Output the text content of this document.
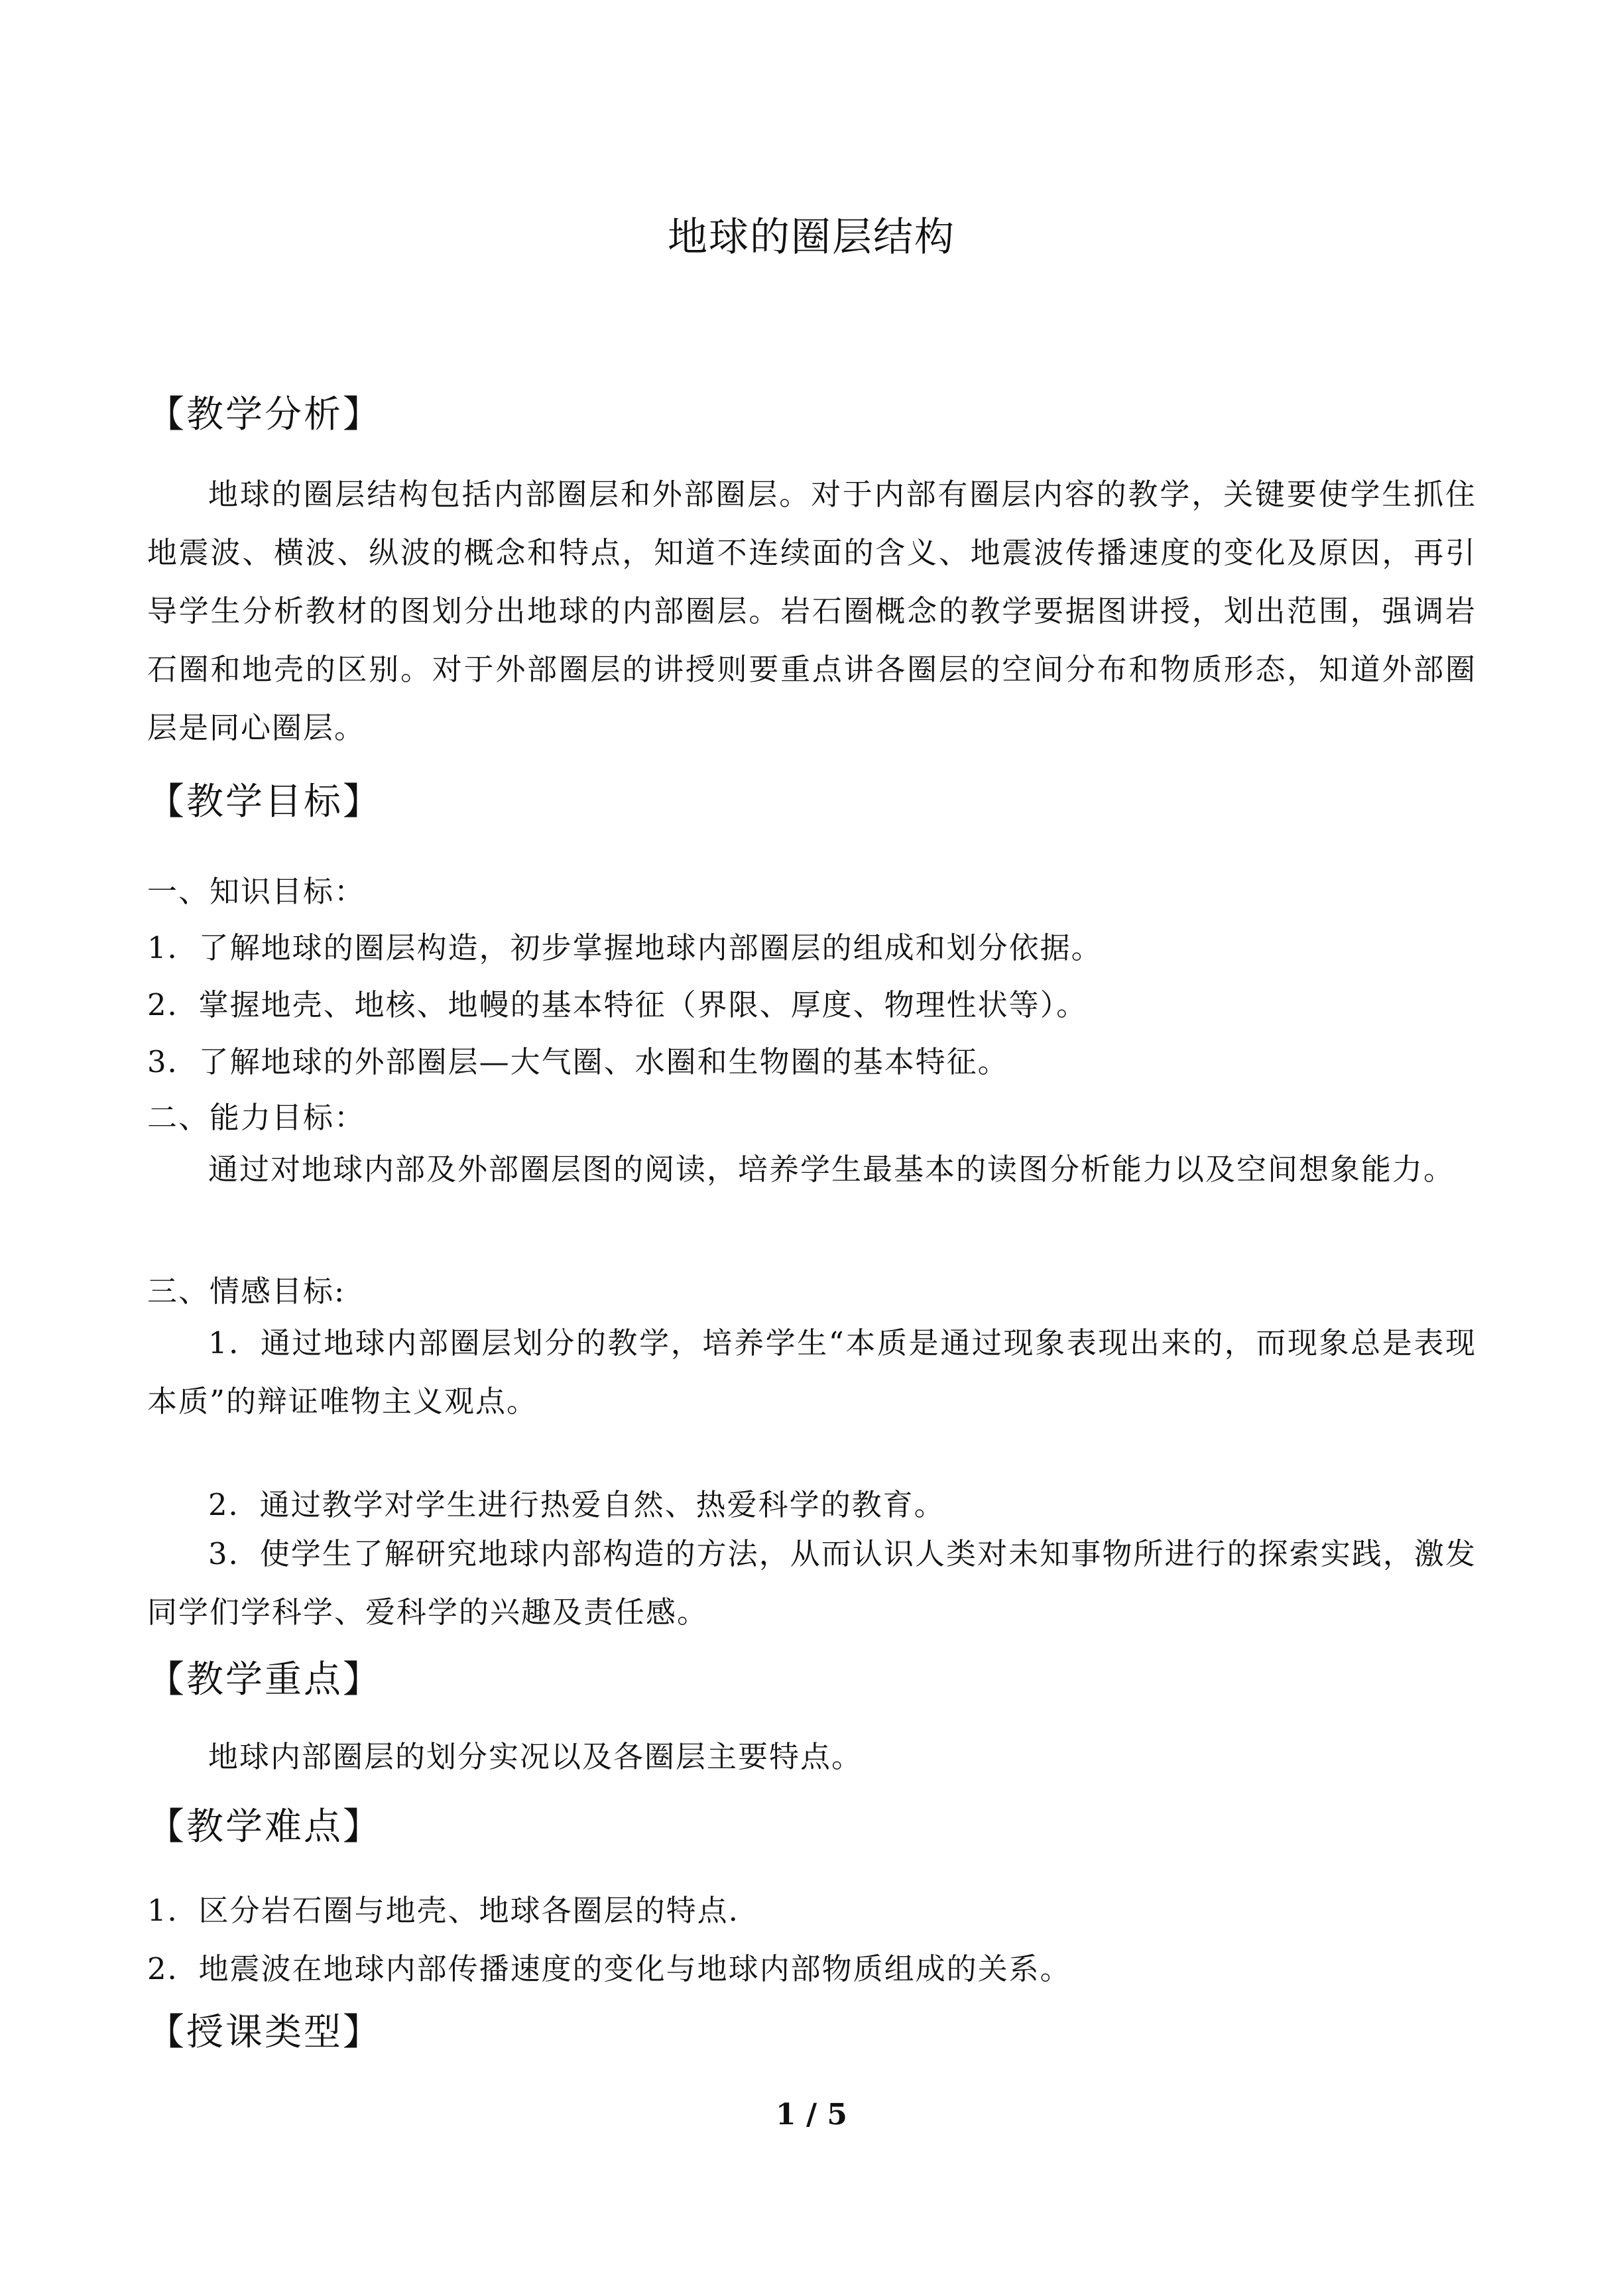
地球的圈层结构
【教学分析】
地球的圈层结构包括内部圈层和外部圈层。对于内部有圈层内容的教学，关键要使学生抓住地震波、横波、纵波的概念和特点，知道不连续面的含义、地震波传播速度的变化及原因，再引导学生分析教材的图划分出地球的内部圈层。岩石圈概念的教学要据图讲授，划出范围，强调岩石圈和地壳的区别。对于外部圈层的讲授则要重点讲各圈层的空间分布和物质形态，知道外部圈层是同心圈层。
【教学目标】
一、知识目标：
1．了解地球的圈层构造，初步掌握地球内部圈层的组成和划分依据。
2．掌握地壳、地核、地幔的基本特征（界限、厚度、物理性状等）。
3．了解地球的外部圈层—大气圈、水圈和生物圈的基本特征。
二、能力目标：
通过对地球内部及外部圈层图的阅读，培养学生最基本的读图分析能力以及空间想象能力。
三、情感目标:
1．通过地球内部圈层划分的教学，培养学生“本质是通过现象表现出来的，而现象总是表现本质”的辩证唯物主义观点。
2．通过教学对学生进行热爱自然、热爱科学的教育。
3．使学生了解研究地球内部构造的方法，从而认识人类对未知事物所进行的探索实践，激发同学们学科学、爱科学的兴趣及责任感。
【教学重点】
地球内部圈层的划分实况以及各圈层主要特点。
【教学难点】
1．区分岩石圈与地壳、地球各圈层的特点.
2．地震波在地球内部传播速度的变化与地球内部物质组成的关系。
【授课类型】
1 / 5
